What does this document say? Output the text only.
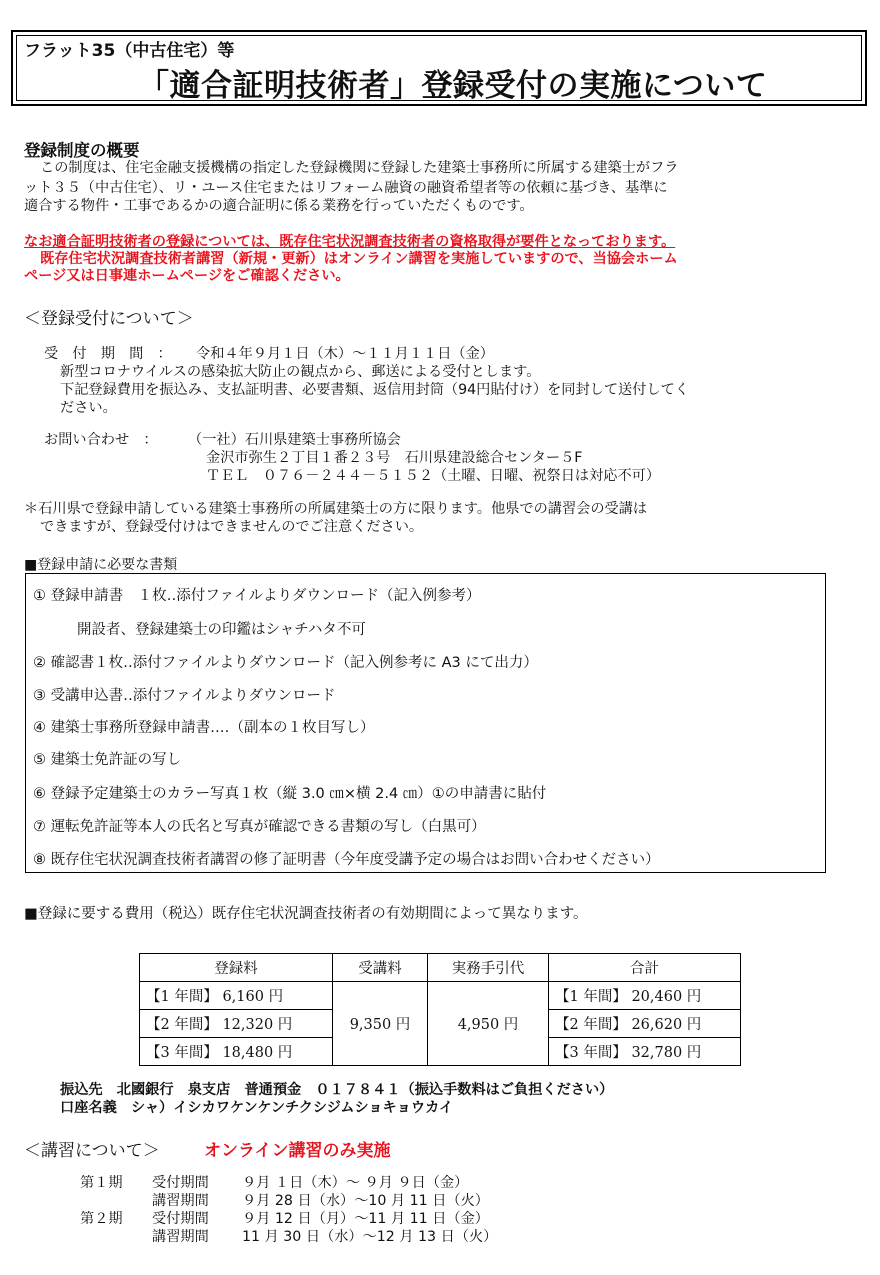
フラット35（中古住宅）等
「適合証明技術者」登録受付の実施について
登録制度の概要
この制度は、住宅金融支援機構の指定した登録機関に登録した建築士事務所に所属する建築士がフラ
ット３５（中古住宅）、リ・ユース住宅またはリフォーム融資の融資希望者等の依頼に基づき、基準に
適合する物件・工事であるかの適合証明に係る業務を行っていただくものです。
なお適合証明技術者の登録については、既存住宅状況調査技術者の資格取得が要件となっております。
既存住宅状況調査技術者講習（新規・更新）はオンライン講習を実施していますので、当協会ホーム
ページ又は日事連ホームページをご確認ください。
＜登録受付について＞
受　付　期　間　： 令和４年９月１日（木）～１１月１１日（金）
新型コロナウイルスの感染拡大防止の観点から、郵送による受付とします。
下記登録費用を振込み、支払証明書、必要書類、返信用封筒（94円貼付け）を同封して送付してく
ださい。
お問い合わせ　： （一社）石川県建築士事務所協会
金沢市弥生２丁目１番２３号　石川県建設総合センター５F
ＴＥＬ　０７６－２４４－５１５２（土曜、日曜、祝祭日は対応不可）
＊石川県で登録申請している建築士事務所の所属建築士の方に限ります。他県での講習会の受講は
できますが、登録受付けはできませんのでご注意ください。
■登録申請に必要な書類
① 登録申請書　１枚‥添付ファイルよりダウンロード（記入例参考）
開設者、登録建築士の印鑑はシャチハタ不可
② 確認書１枚‥添付ファイルよりダウンロード（記入例参考に A3 にて出力）
③ 受講申込書‥添付ファイルよりダウンロード
④ 建築士事務所登録申請書‥‥（副本の１枚目写し）
⑤ 建築士免許証の写し
⑥ 登録予定建築士のカラー写真１枚（縦 3.0 ㎝×横 2.4 ㎝）①の申請書に貼付
⑦ 運転免許証等本人の氏名と写真が確認できる書類の写し（白黒可）
⑧ 既存住宅状況調査技術者講習の修了証明書（今年度受講予定の場合はお問い合わせください）
■登録に要する費用（税込）既存住宅状況調査技術者の有効期間によって異なります。
登録料	受講料	実務手引代	合計
【1 年間】 6,160 円	9,350 円	4,950 円	【1 年間】 20,460 円
【2 年間】 12,320 円			【2 年間】 26,620 円
【3 年間】 18,480 円			【3 年間】 32,780 円
振込先　北國銀行　泉支店　普通預金　０１７８４１（振込手数料はご負担ください）
口座名義　シャ）イシカワケンケンチクシジムショキョウカイ
＜講習について＞	オンライン講習のみ実施
第１期 受付期間 ９月 １日（木）～ ９月 ９日（金）
講習期間 ９月 28 日（水）～10 月 11 日（火）
第２期 受付期間 ９月 12 日（月）～11 月 11 日（金）
講習期間 11 月 30 日（水）～12 月 13 日（火）
